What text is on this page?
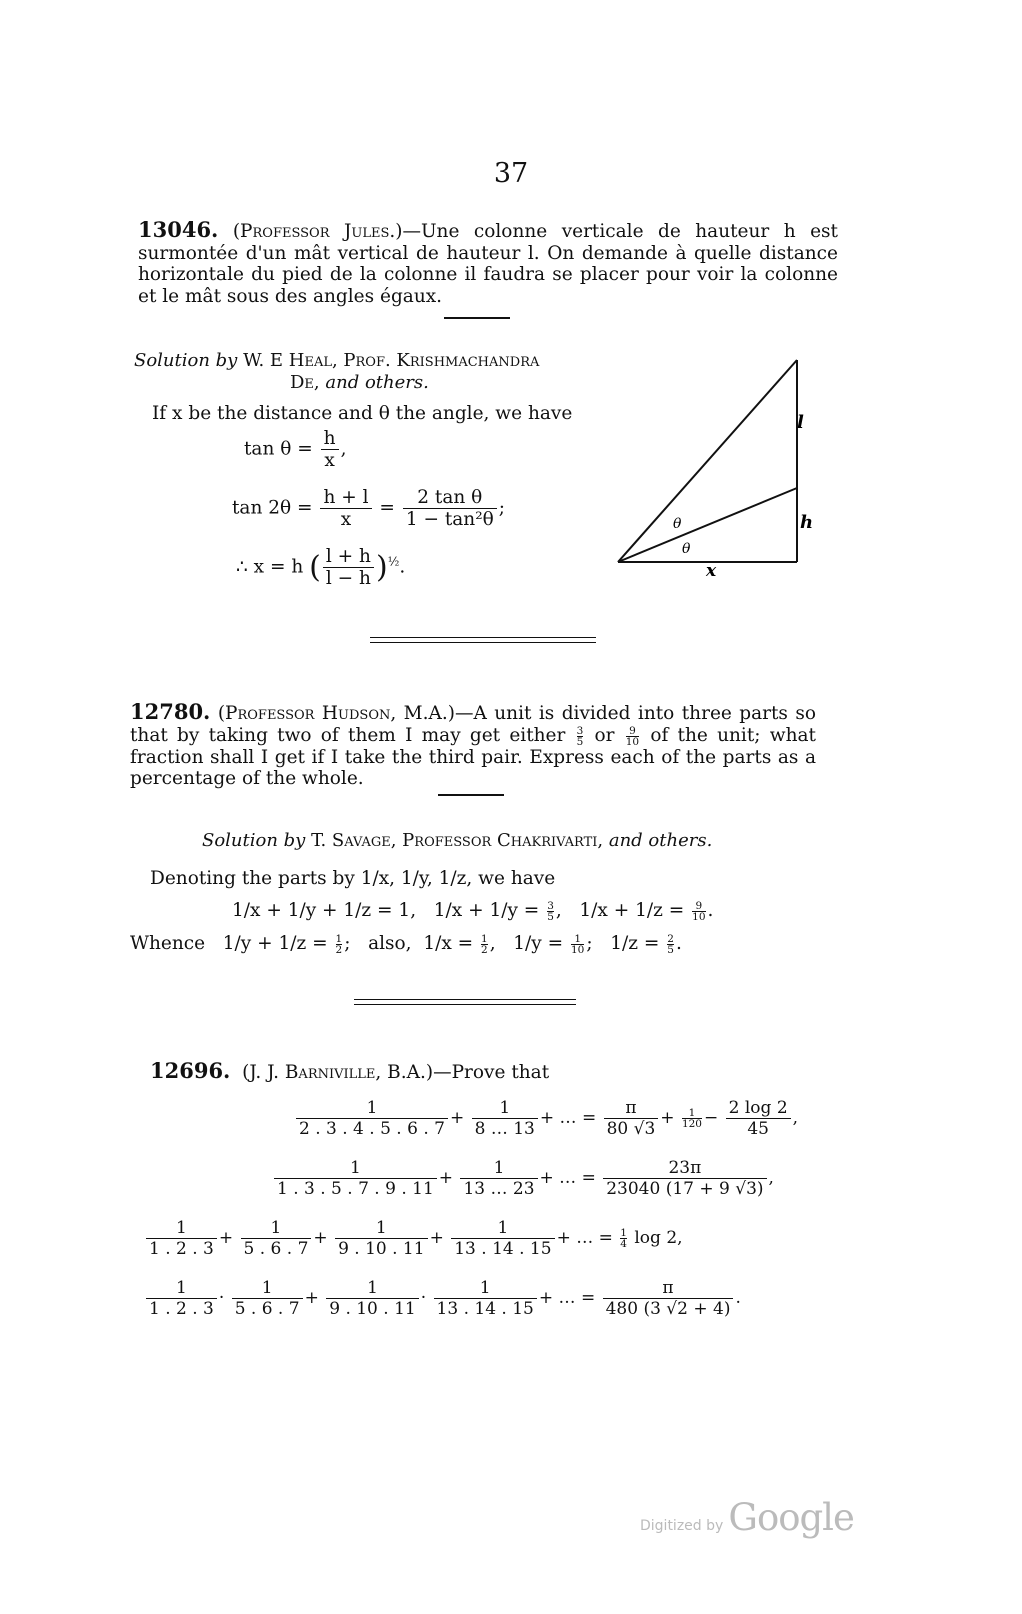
37
13046. (Professor Jules.)—Une colonne verticale de hauteur h est surmontée d'un mât vertical de hauteur l. On demande à quelle distance horizontale du pied de la colonne il faudra se placer pour voir la colonne et le mât sous des angles égaux.
Solution by W. E Heal, Prof. Krishmachandra
De, and others.
If x be the distance and θ the angle, we have
$\tan \theta = \frac{h}{x}$ ,
$\tan 2\theta = \frac{h + l}{x} = \frac{\text{2 tan θ}}{\text{1 − tan²θ}}$ ;
∴ x = h ( $\frac{l + h}{l - h} )^{\frac{1}{2}}$.
l
h
x
θ
θ
12780. (Professor Hudson, M.A.)—A unit is divided into three parts so that by taking two of them I may get either $\frac{3}{5}$ or $\frac{9}{10}$ of the unit; what fraction shall I get if I take the third pair. Express each of the parts as a percentage of the whole.
Solution by T. Savage, Professor Chakrivarti, and others.
Denoting the parts by 1/x, 1/y, 1/z, we have
1/x + 1/y + 1/z = 1, $1/x + 1/y = \frac{3}{5}$ ,   $1/x + 1/z = \frac{9}{10}$ .
Whence $1/y + 1/z = \frac{1}{2}$ ;   also, $1/x = \frac{1}{2}$ ,   $1/y = \frac{1}{10}$ ;   $1/z = \frac{2}{5}$ .
12696. (J. J. Barniville, B.A.)—Prove that
$\frac{1}{2 . 3 . 4 . 5 . 6 . 7} + \frac{1}{8 \dots 13}$ + … = $\frac{\pi}{80 √3} + \frac{1}{120} - \frac{2 \log 2}{45}$ ,
$\frac{1}{1 . 3 . 5 . 7 . 9 . 11} + \frac{1}{13 \dots 23}$ + … = $\frac{23\pi}{23040 (17 + 9 √3)}$ ,
$\frac{1}{1 . 2 . 3} + \frac{1}{5 . 6 . 7} + \frac{1}{9 . 10 . 11} + \frac{1}{13 . 14 . 15}$ + … = $\frac{1}{4}$ log 2,
$\frac{1}{1 . 2 . 3} \cdot \frac{1}{5 . 6 . 7} + \frac{1}{9 . 10 . 11} \cdot \frac{1}{13 . 14 . 15}$ + … = $\frac{\pi}{480 (3 √2 + 4)}$ .
Digitized by Google
